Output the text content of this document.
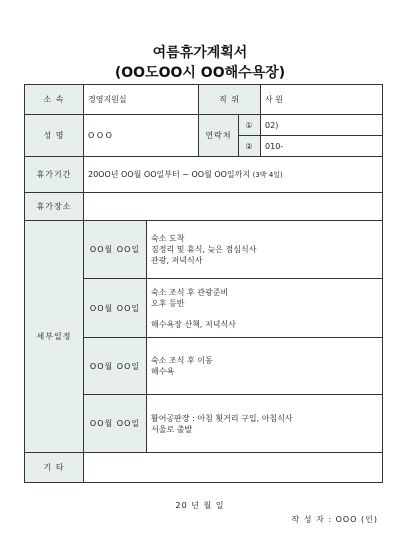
여름휴가계획서
(OO도OO시 OO해수욕장)
소 속	경영지원실		직 위		사 원
성 명	O O O		연락처	①	02)
				②	010-
휴가기간	20OO년 OO월 OO일부터 ~ OO월 OO일까지 (3박 4일)				
휴가장소					
세부일정	OO월 OO일	숙소 도착
짐정리 및 휴식, 늦은 점심식사
관광, 저녁식사			

	OO월 OO일	숙소 조식 후 관광준비
오후 등반
해수욕장 산책, 저녁식사			

	OO월 OO일	숙소 조식 후 이동
해수욕			

	OO월 OO일	활어공판장 : 아침 횟거리 구입, 아침식사
서울로 출발			

기 타					
20 년 월 일
작 성 자 : OOO (인)
